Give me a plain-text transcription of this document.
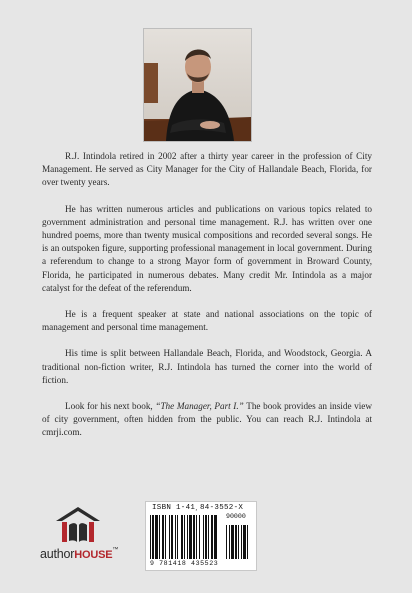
R.J. Intindola retired in 2002 after a thirty year career in the profession of City Management. He served as City Manager for the City of Hallandale Beach, Florida, for over twenty years.

He has written numerous articles and publications on various topics related to government administration and personal time management. R.J. has written over one hundred poems, more than twenty musical compositions and recorded several songs. He is an outspoken figure, supporting professional management in local government. During a referendum to change to a strong Mayor form of government in Broward County, Florida, he participated in numerous debates. Many credit Mr. Intindola as a major catalyst for the defeat of the referendum.

He is a frequent speaker at state and national associations on the topic of management and personal time management.

His time is split between Hallandale Beach, Florida, and Woodstock, Georgia. A traditional non-fiction writer, R.J. Intindola has turned the corner into the world of fiction.

Look for his next book, “The Manager, Part I.” The book provides an inside view of city government, often hidden from the public. You can reach R.J. Intindola at cmrji.com.

authorHOUSE™
ISBN 1-41¸84-3552-X
90000
9 781418 435523
